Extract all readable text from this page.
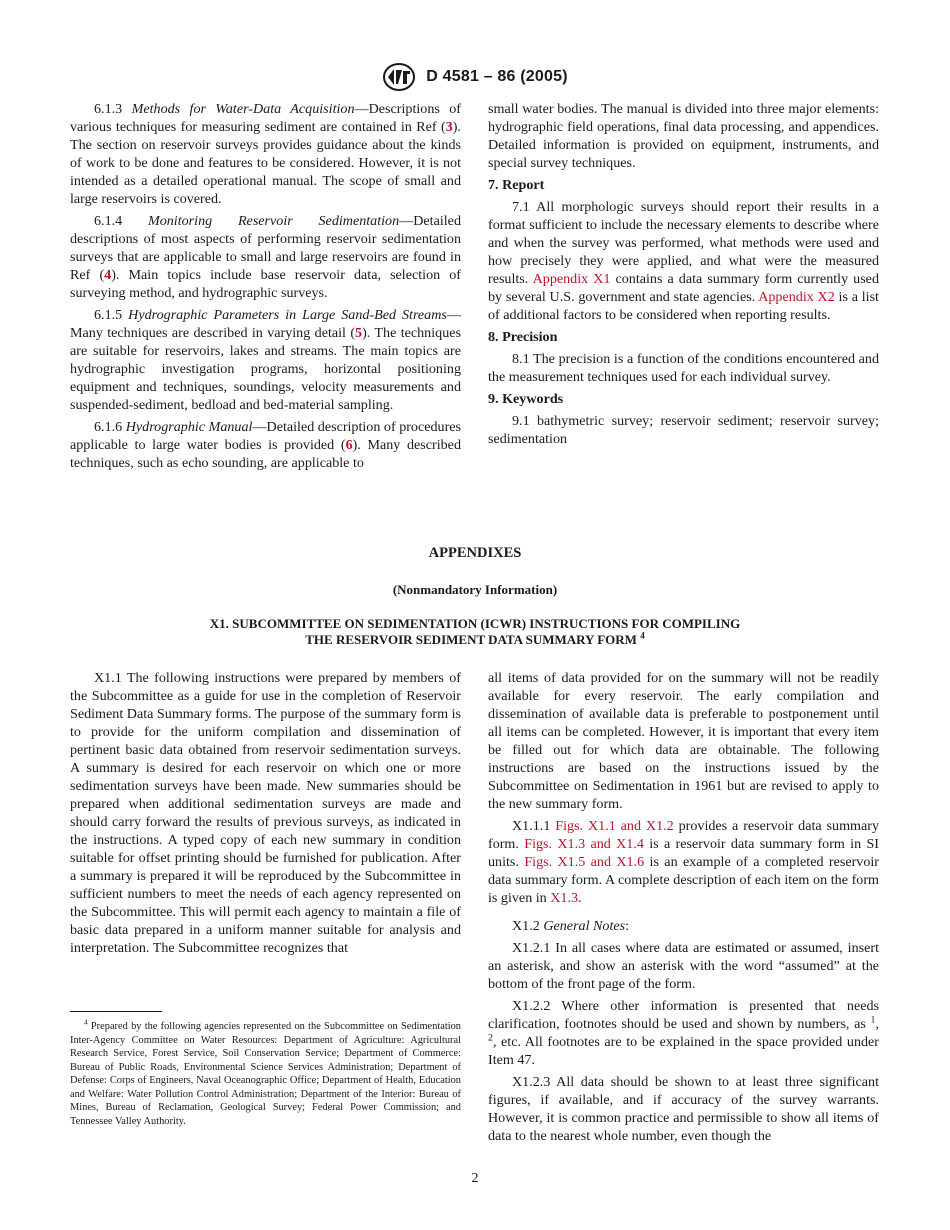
D 4581 – 86 (2005)

6.1.3 Methods for Water-Data Acquisition—Descriptions of various techniques for measuring sediment are contained in Ref (3). The section on reservoir surveys provides guidance about the kinds of work to be done and features to be considered. However, it is not intended as a detailed operational manual. The scope of small and large reservoirs is covered.

6.1.4 Monitoring Reservoir Sedimentation—Detailed descriptions of most aspects of performing reservoir sedimentation surveys that are applicable to small and large reservoirs are found in Ref (4). Main topics include base reservoir data, selection of surveying method, and hydrographic surveys.

6.1.5 Hydrographic Parameters in Large Sand-Bed Streams—Many techniques are described in varying detail (5). The techniques are suitable for reservoirs, lakes and streams. The main topics are hydrographic investigation programs, horizontal positioning equipment and techniques, soundings, velocity measurements and suspended-sediment, bedload and bed-material sampling.

6.1.6 Hydrographic Manual—Detailed description of procedures applicable to large water bodies is provided (6). Many described techniques, such as echo sounding, are applicable to

small water bodies. The manual is divided into three major elements: hydrographic field operations, final data processing, and appendices. Detailed information is provided on equipment, instruments, and special survey techniques.

7. Report

7.1 All morphologic surveys should report their results in a format sufficient to include the necessary elements to describe where and when the survey was performed, what methods were used and how precisely they were applied, and what were the measured results. Appendix X1 contains a data summary form currently used by several U.S. government and state agencies. Appendix X2 is a list of additional factors to be considered when reporting results.

8. Precision

8.1 The precision is a function of the conditions encountered and the measurement techniques used for each individual survey.

9. Keywords

9.1 bathymetric survey; reservoir sediment; reservoir survey; sedimentation

APPENDIXES
(Nonmandatory Information)
X1. SUBCOMMITTEE ON SEDIMENTATION (ICWR) INSTRUCTIONS FOR COMPILING
THE RESERVOIR SEDIMENT DATA SUMMARY FORM $^4$

X1.1 The following instructions were prepared by members of the Subcommittee as a guide for use in the completion of Reservoir Sediment Data Summary forms. The purpose of the summary form is to provide for the uniform compilation and dissemination of pertinent basic data obtained from reservoir sedimentation surveys. A summary is desired for each reservoir on which one or more sedimentation surveys have been made. New summaries should be prepared when additional sedimentation surveys are made and should carry forward the results of previous surveys, as indicated in the instructions. A typed copy of each new summary in condition suitable for offset printing should be furnished for publication. After a summary is prepared it will be reproduced by the Subcommittee in sufficient numbers to meet the needs of each agency represented on the Subcommittee. This will permit each agency to maintain a file of basic data prepared in a uniform manner suitable for analysis and interpretation. The Subcommittee recognizes that

$^4$ Prepared by the following agencies represented on the Subcommittee on Sedimentation Inter-Agency Committee on Water Resources: Department of Agriculture: Agricultural Research Service, Forest Service, Soil Conservation Service; Department of Commerce: Bureau of Public Roads, Environmental Science Services Administration; Department of Defense: Corps of Engineers, Naval Oceanographic Office; Department of Health, Education and Welfare: Water Pollution Control Administration; Department of the Interior: Bureau of Mines, Bureau of Reclamation, Geological Survey; Federal Power Commission; and Tennessee Valley Authority.

all items of data provided for on the summary will not be readily available for every reservoir. The early compilation and dissemination of available data is preferable to postponement until all items can be completed. However, it is important that every item be filled out for which data are obtainable. The following instructions are based on the instructions issued by the Subcommittee on Sedimentation in 1961 but are revised to apply to the new summary form.

X1.1.1 Figs. X1.1 and X1.2 provides a reservoir data summary form. Figs. X1.3 and X1.4 is a reservoir data summary form in SI units. Figs. X1.5 and X1.6 is an example of a completed reservoir data summary form. A complete description of each item on the form is given in X1.3.

X1.2 General Notes:

X1.2.1 In all cases where data are estimated or assumed, insert an asterisk, and show an asterisk with the word “assumed” at the bottom of the front page of the form.

X1.2.2 Where other information is presented that needs clarification, footnotes should be used and shown by numbers, as $^1$, $^2$, etc. All footnotes are to be explained in the space provided under Item 47.

X1.2.3 All data should be shown to at least three significant figures, if available, and if accuracy of the survey warrants. However, it is common practice and permissible to show all items of data to the nearest whole number, even though the

2
